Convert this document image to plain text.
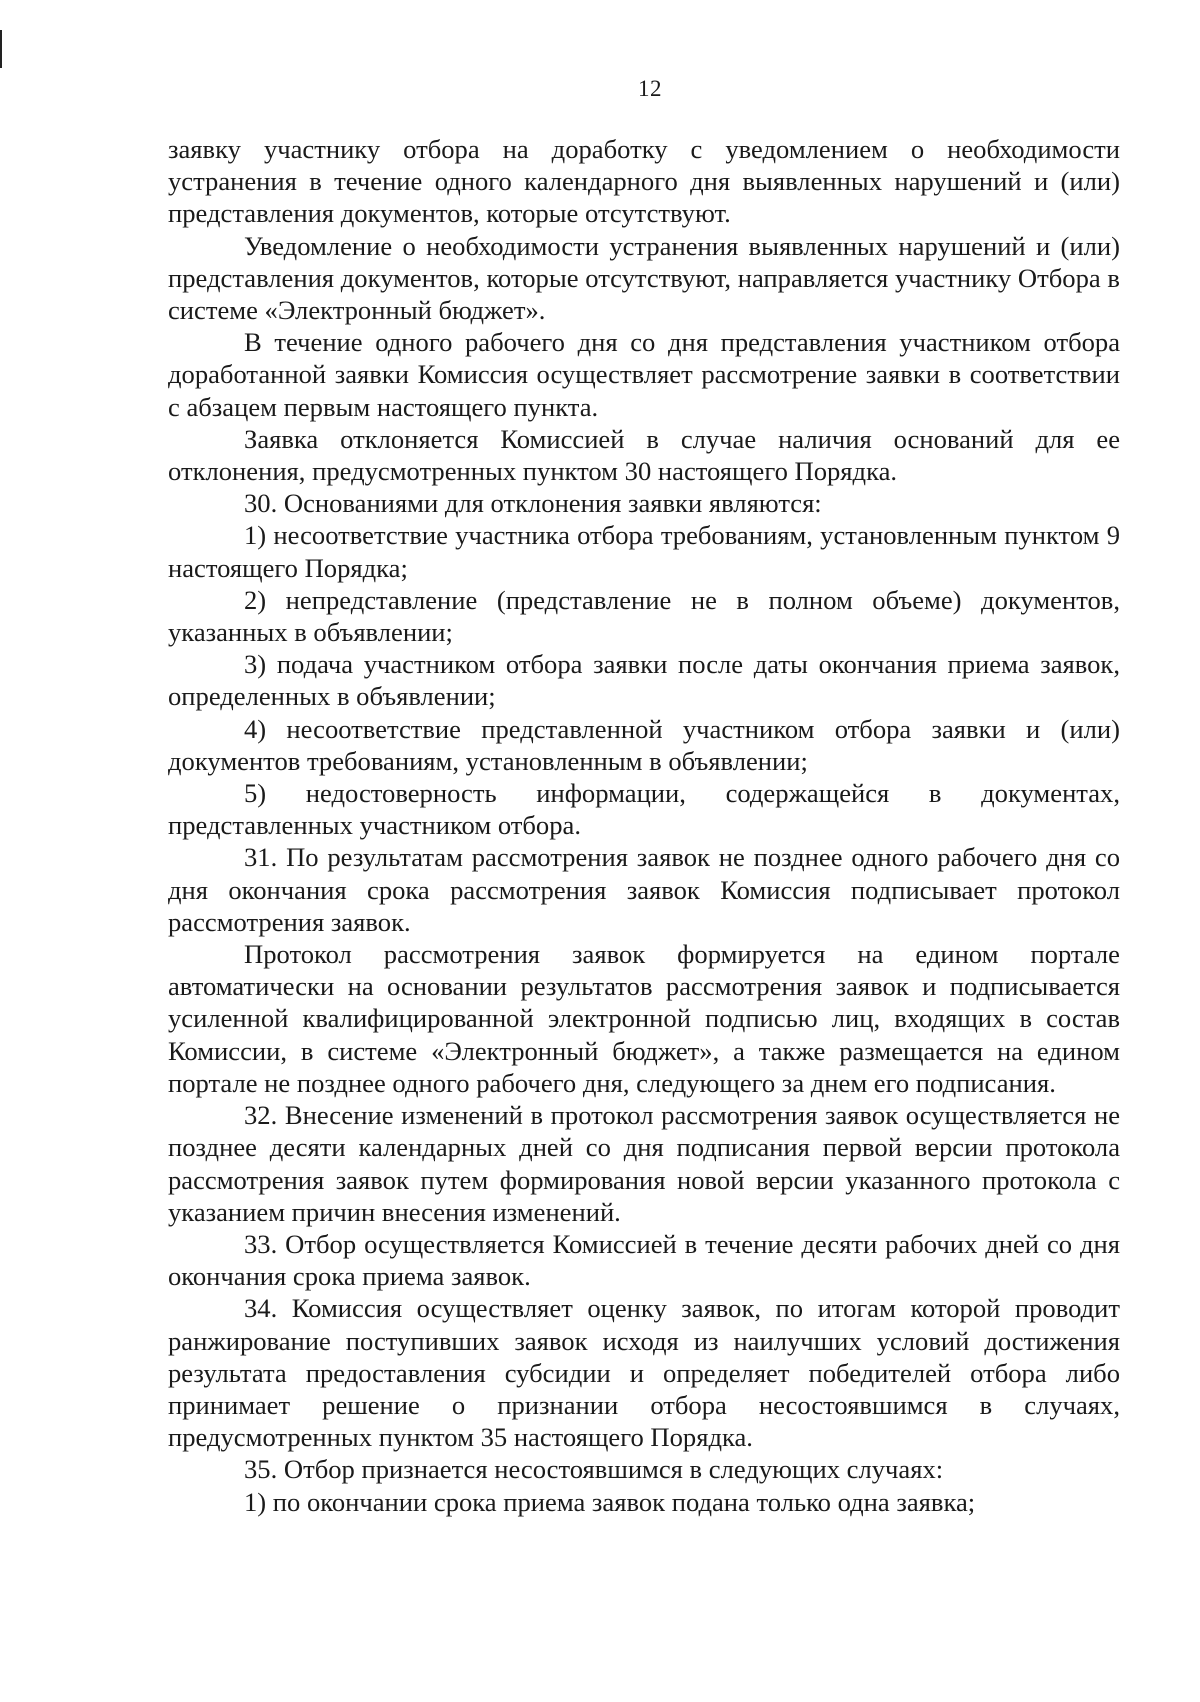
12

заявку участнику отбора на доработку с уведомлением о необходимости устранения в течение одного календарного дня выявленных нарушений и (или) представления документов, которые отсутствуют.

Уведомление о необходимости устранения выявленных нарушений и (или) представления документов, которые отсутствуют, направляется участнику Отбора в системе «Электронный бюджет».

В течение одного рабочего дня со дня представления участником отбора доработанной заявки Комиссия осуществляет рассмотрение заявки в соответствии с абзацем первым настоящего пункта.

Заявка отклоняется Комиссией в случае наличия оснований для ее отклонения, предусмотренных пунктом 30 настоящего Порядка.

30. Основаниями для отклонения заявки являются:

1) несоответствие участника отбора требованиям, установленным пунктом 9 настоящего Порядка;

2) непредставление (представление не в полном объеме) документов, указанных в объявлении;

3) подача участником отбора заявки после даты окончания приема заявок, определенных в объявлении;

4) несоответствие представленной участником отбора заявки и (или) документов требованиям, установленным в объявлении;

5) недостоверность информации, содержащейся в документах, представленных участником отбора.

31. По результатам рассмотрения заявок не позднее одного рабочего дня со дня окончания срока рассмотрения заявок Комиссия подписывает протокол рассмотрения заявок.

Протокол рассмотрения заявок формируется на едином портале автоматически на основании результатов рассмотрения заявок и подписывается усиленной квалифицированной электронной подписью лиц, входящих в состав Комиссии, в системе «Электронный бюджет», а также размещается на едином портале не позднее одного рабочего дня, следующего за днем его подписания.

32. Внесение изменений в протокол рассмотрения заявок осуществляется не позднее десяти календарных дней со дня подписания первой версии протокола рассмотрения заявок путем формирования новой версии указанного протокола с указанием причин внесения изменений.

33. Отбор осуществляется Комиссией в течение десяти рабочих дней со дня окончания срока приема заявок.

34. Комиссия осуществляет оценку заявок, по итогам которой проводит ранжирование поступивших заявок исходя из наилучших условий достижения результата предоставления субсидии и определяет победителей отбора либо принимает решение о признании отбора несостоявшимся в случаях, предусмотренных пунктом 35 настоящего Порядка.

35. Отбор признается несостоявшимся в следующих случаях:

1) по окончании срока приема заявок подана только одна заявка;
